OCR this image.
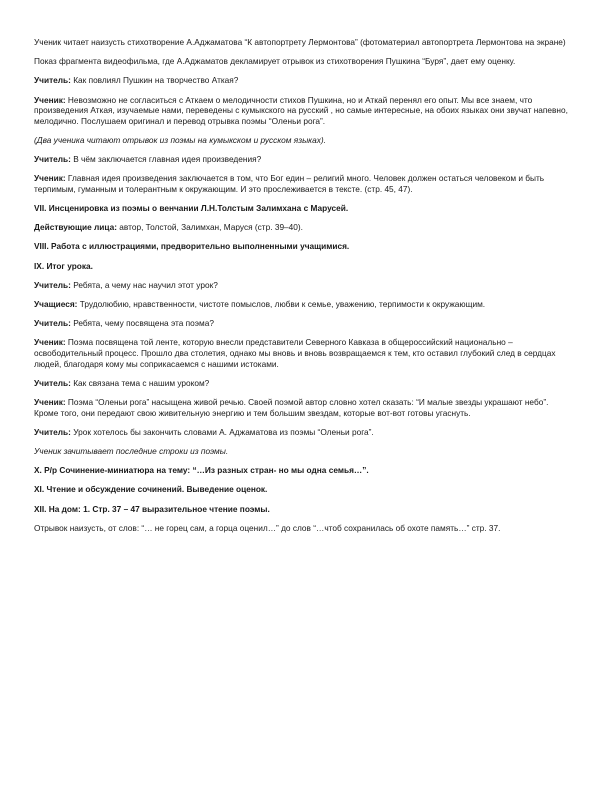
Ученик читает наизусть стихотворение А.Аджаматова “К автопортрету Лермонтова” (фотоматериал автопортрета Лермонтова на экране)

Показ фрагмента видеофильма, где А.Аджаматов декламирует отрывок из стихотворения Пушкина “Буря”, дает ему оценку.

Учитель: Как повлиял Пушкин на творчество Аткая?

Ученик: Невозможно не согласиться с Аткаем о мелодичности стихов Пушкина, но и Аткай перенял его опыт. Мы все знаем, что произведения Аткая, изучаемые нами, переведены с кумыкского на русский , но самые интересные, на обоих языках они звучат напевно, мелодично. Послушаем оригинал и перевод отрывка поэмы “Оленьи рога”.

(Два ученика читают отрывок из поэмы на кумыкском и русском языках).

Учитель: В чём заключается главная идея произведения?

Ученик: Главная идея произведения заключается в том, что Бог един – религий много. Человек должен остаться человеком и быть терпимым, гуманным и толерантным к окружающим. И это прослеживается в тексте. (стр. 45, 47).

VII. Инсценировка из поэмы о венчании Л.Н.Толстым Залимхана с Марусей.

Действующие лица: автор, Толстой, Залимхан, Маруся (стр. 39–40).

VIII. Работа с иллюстрациями, предворительно выполненными учащимися.

IX. Итог урока.

Учитель: Ребята, а чему нас научил этот урок?

Учащиеся: Трудолюбию, нравственности, чистоте помыслов, любви к семье, уважению, терпимости к окружающим.

Учитель: Ребята, чему посвящена эта поэма?

Ученик: Поэма посвящена той ленте, которую внесли представители Северного Кавказа в общероссийский национально – освободительный процесс. Прошло два столетия, однако мы вновь и вновь возвращаемся к тем, кто оставил глубокий след в сердцах людей, благодаря кому мы соприкасаемся с нашими истоками.

Учитель: Как связана тема с нашим уроком?

Ученик: Поэма “Оленьи рога” насыщена живой речью. Своей поэмой автор словно хотел сказать: “И малые звезды украшают небо”. Кроме того, они передают свою живительную энергию и тем большим звездам, которые вот-вот готовы угаснуть.

Учитель: Урок хотелось бы закончить словами А. Аджаматова из поэмы “Оленьи рога”.

Ученик зачитывает последние строки из поэмы.

X. Р/р Сочинение-миниатюра на тему: “…Из разных стран- но мы одна семья…”.

XI. Чтение и обсуждение сочинений. Выведение оценок.

XII. На дом: 1. Стр. 37 – 47 выразительное чтение поэмы.

Отрывок наизусть, от слов: “… не горец сам, а горца оценил…” до слов “…чтоб сохранилась об охоте память…” стр. 37.
